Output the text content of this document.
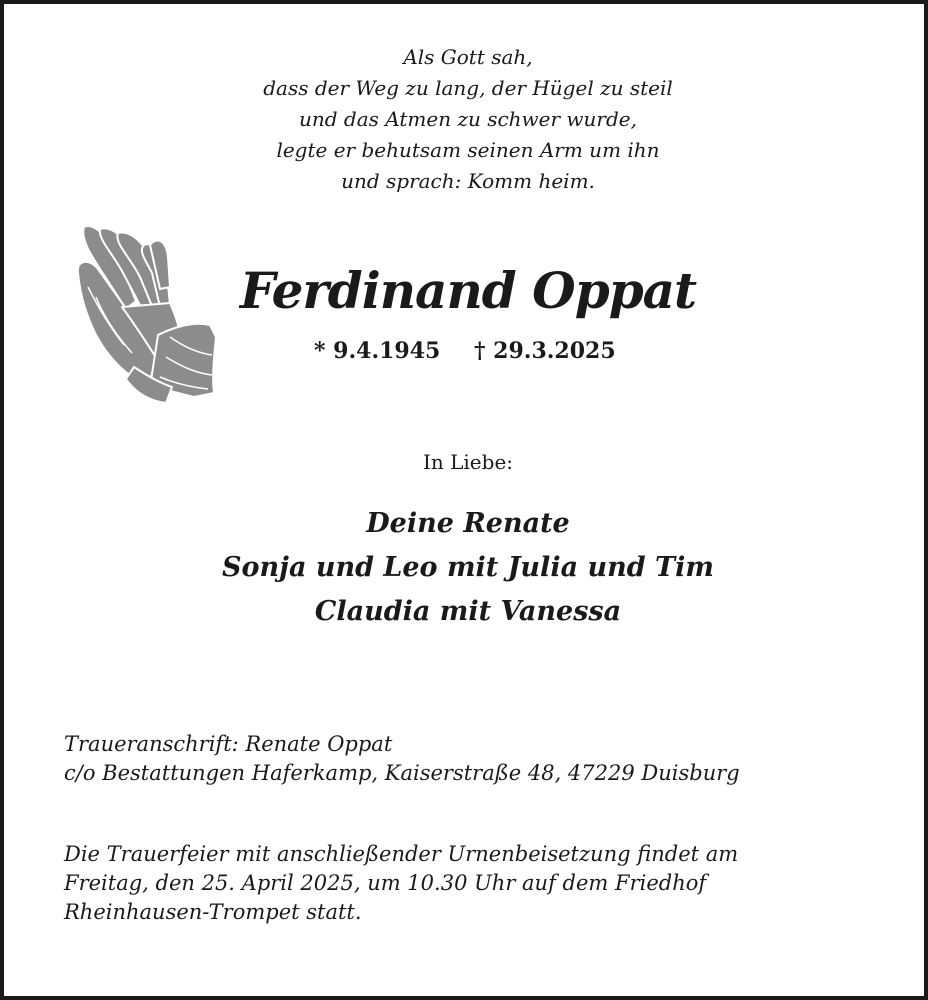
Als Gott sah,
dass der Weg zu lang, der Hügel zu steil
und das Atmen zu schwer wurde,
legte er behutsam seinen Arm um ihn
und sprach: Komm heim.
Ferdinand Oppat
* 9.4.1945 † 29.3.2025
In Liebe:
Deine Renate
Sonja und Leo mit Julia und Tim
Claudia mit Vanessa
Traueranschrift: Renate Oppat
c/o Bestattungen Haferkamp, Kaiserstraße 48, 47229 Duisburg
Die Trauerfeier mit anschließender Urnenbeisetzung findet am
Freitag, den 25. April 2025, um 10.30 Uhr auf dem Friedhof
Rheinhausen-Trompet statt.
